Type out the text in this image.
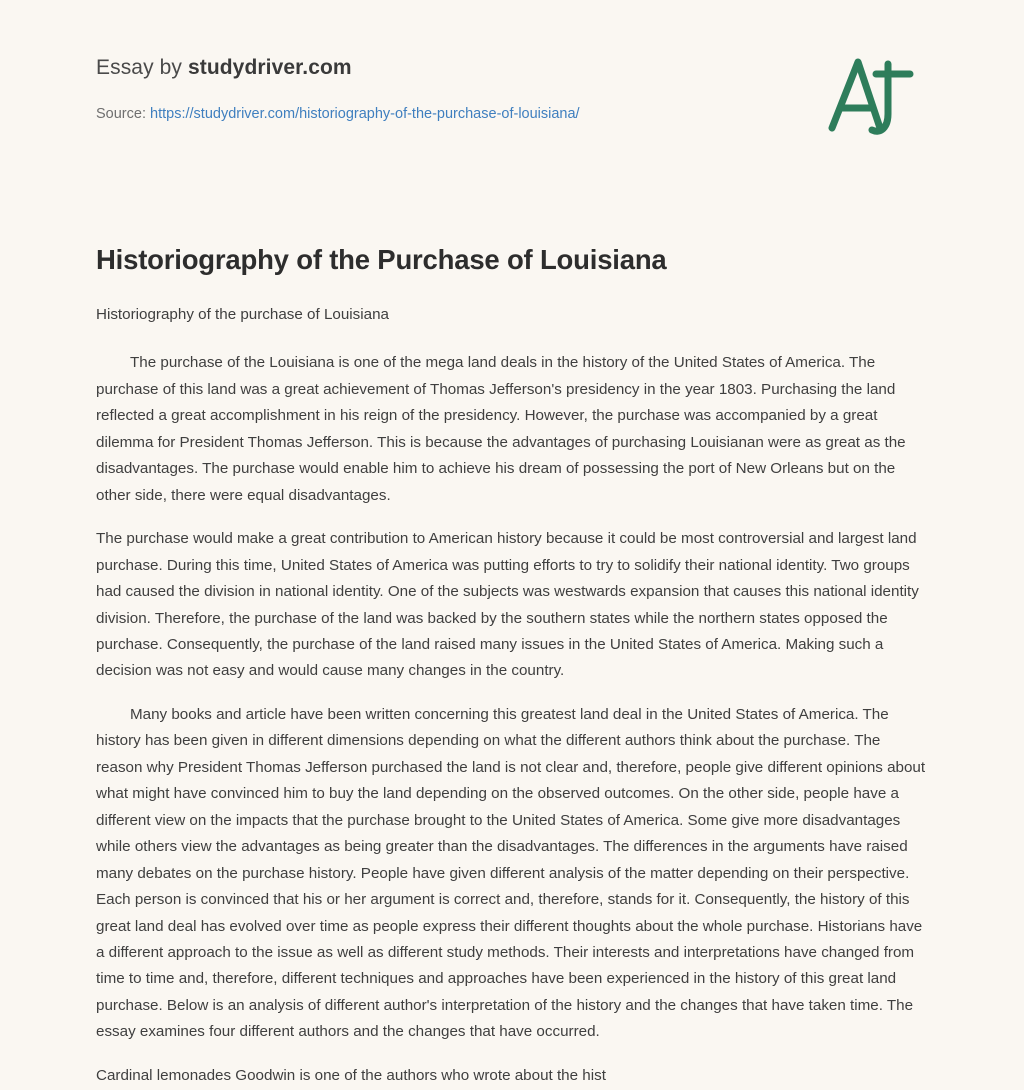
Essay by studydriver.com
Source: https://studydriver.com/historiography-of-the-purchase-of-louisiana/
Historiography of the Purchase of Louisiana

Historiography of the purchase of Louisiana

The purchase of the Louisiana is one of the mega land deals in the history of the United States of America. The purchase of this land was a great achievement of Thomas Jefferson's presidency in the year 1803. Purchasing the land reflected a great accomplishment in his reign of the presidency. However, the purchase was accompanied by a great dilemma for President Thomas Jefferson. This is because the advantages of purchasing Louisianan were as great as the disadvantages. The purchase would enable him to achieve his dream of possessing the port of New Orleans but on the other side, there were equal disadvantages.

The purchase would make a great contribution to American history because it could be most controversial and largest land purchase. During this time, United States of America was putting efforts to try to solidify their national identity. Two groups had caused the division in national identity. One of the subjects was westwards expansion that causes this national identity division. Therefore, the purchase of the land was backed by the southern states while the northern states opposed the purchase. Consequently, the purchase of the land raised many issues in the United States of America. Making such a decision was not easy and would cause many changes in the country.

Many books and article have been written concerning this greatest land deal in the United States of America. The history has been given in different dimensions depending on what the different authors think about the purchase. The reason why President Thomas Jefferson purchased the land is not clear and, therefore, people give different opinions about what might have convinced him to buy the land depending on the observed outcomes. On the other side, people have a different view on the impacts that the purchase brought to the United States of America. Some give more disadvantages while others view the advantages as being greater than the disadvantages. The differences in the arguments have raised many debates on the purchase history. People have given different analysis of the matter depending on their perspective. Each person is convinced that his or her argument is correct and, therefore, stands for it. Consequently, the history of this great land deal has evolved over time as people express their different thoughts about the whole purchase. Historians have a different approach to the issue as well as different study methods. Their interests and interpretations have changed from time to time and, therefore, different techniques and approaches have been experienced in the history of this great land purchase. Below is an analysis of different author's interpretation of the history and the changes that have taken time. The essay examines four different authors and the changes that have occurred.

Cardinal lemonades Goodwin is one of the authors who wrote about the hist
